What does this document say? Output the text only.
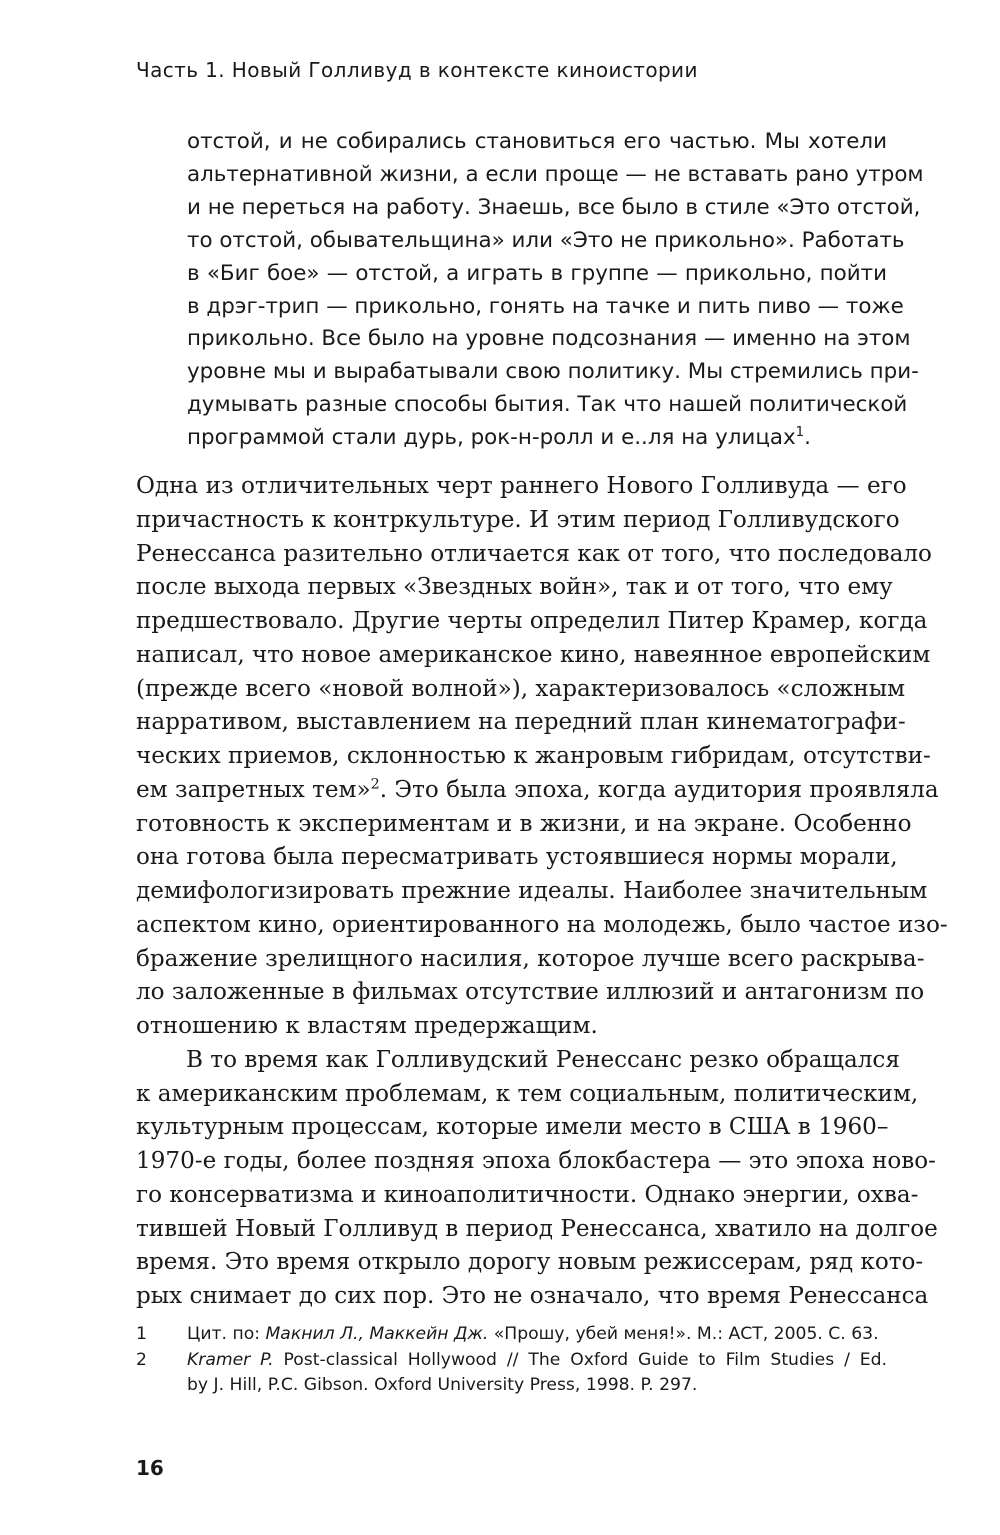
Часть 1. Новый Голливуд в контексте киноистории
отстой, и не собирались становиться его частью. Мы хотели
альтернативной жизни, а если проще — не вставать рано утром
и не переться на работу. Знаешь, все было в стиле «Это отстой,
то отстой, обывательщина» или «Это не прикольно». Работать
в «Биг бое» — отстой, а играть в группе — прикольно, пойти
в дрэг-трип — прикольно, гонять на тачке и пить пиво — тоже
прикольно. Все было на уровне подсознания — именно на этом
уровне мы и вырабатывали свою политику. Мы стремились при-
думывать разные способы бытия. Так что нашей политической
программой стали дурь, рок-н-ролл и е..ля на улицах$^1$.
Одна из отличительных черт раннего Нового Голливуда — его
причастность к контркультуре. И этим период Голливудского
Ренессанса разительно отличается как от того, что последовало
после выхода первых «Звездных войн», так и от того, что ему
предшествовало. Другие черты определил Питер Крамер, когда
написал, что новое американское кино, навеянное европейским
(прежде всего «новой волной»), характеризовалось «сложным
нарративом, выставлением на передний план кинематографи-
ческих приемов, склонностью к жанровым гибридам, отсутстви-
ем запретных тем»$^2$. Это была эпоха, когда аудитория проявляла
готовность к экспериментам и в жизни, и на экране. Особенно
она готова была пересматривать устоявшиеся нормы морали,
демифологизировать прежние идеалы. Наиболее значительным
аспектом кино, ориентированного на молодежь, было частое изо-
бражение зрелищного насилия, которое лучше всего раскрыва-
ло заложенные в фильмах отсутствие иллюзий и антагонизм по
отношению к властям предержащим.
В то время как Голливудский Ренессанс резко обращался
к американским проблемам, к тем социальным, политическим,
культурным процессам, которые имели место в США в 1960–
1970-е годы, более поздняя эпоха блокбастера — это эпоха ново-
го консерватизма и киноаполитичности. Однако энергии, охва-
тившей Новый Голливуд в период Ренессанса, хватило на долгое
время. Это время открыло дорогу новым режиссерам, ряд кото-
рых снимает до сих пор. Это не означало, что время Ренессанса
1 Цит. по: Макнил Л., Маккейн Дж. «Прошу, убей меня!». М.: АСТ, 2005. С. 63.
2 Kramer P. Post-classical Hollywood // The Oxford Guide to Film Studies / Ed.
by J. Hill, P.C. Gibson. Oxford University Press, 1998. P. 297.
16
